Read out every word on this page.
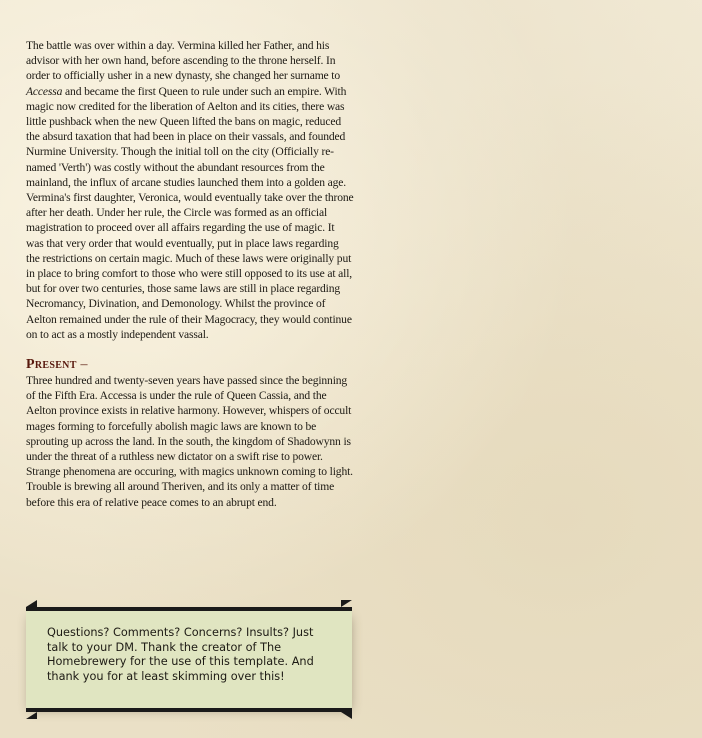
The battle was over within a day. Vermina killed her Father, and his advisor with her own hand, before ascending to the throne herself. In order to officially usher in a new dynasty, she changed her surname to Accessa and became the first Queen to rule under such an empire. With magic now credited for the liberation of Aelton and its cities, there was little pushback when the new Queen lifted the bans on magic, reduced the absurd taxation that had been in place on their vassals, and founded Nurmine University. Though the initial toll on the city (Officially re-named 'Verth') was costly without the abundant resources from the mainland, the influx of arcane studies launched them into a golden age. Vermina's first daughter, Veronica, would eventually take over the throne after her death. Under her rule, the Circle was formed as an official magistration to proceed over all affairs regarding the use of magic. It was that very order that would eventually, put in place laws regarding the restrictions on certain magic. Much of these laws were originally put in place to bring comfort to those who were still opposed to its use at all, but for over two centuries, those same laws are still in place regarding Necromancy, Divination, and Demonology. Whilst the province of Aelton remained under the rule of their Magocracy, they would continue on to act as a mostly independent vassal.

Present –

Three hundred and twenty-seven years have passed since the beginning of the Fifth Era. Accessa is under the rule of Queen Cassia, and the Aelton province exists in relative harmony. However, whispers of occult mages forming to forcefully abolish magic laws are known to be sprouting up across the land. In the south, the kingdom of Shadowynn is under the threat of a ruthless new dictator on a swift rise to power. Strange phenomena are occuring, with magics unknown coming to light. Trouble is brewing all around Theriven, and its only a matter of time before this era of relative peace comes to an abrupt end.

Questions? Comments? Concerns? Insults? Just talk to your DM. Thank the creator of The Homebrewery for the use of this template. And thank you for at least skimming over this!
